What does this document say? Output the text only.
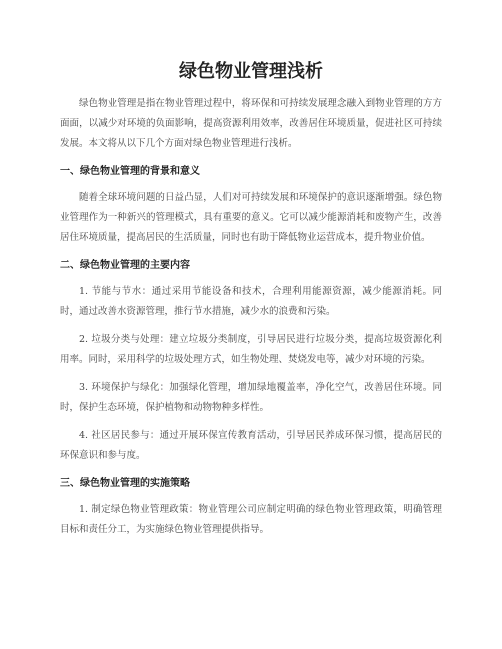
绿色物业管理浅析

绿色物业管理是指在物业管理过程中，将环保和可持续发展理念融入到物业管理的方方面面，以减少对环境的负面影响，提高资源利用效率，改善居住环境质量，促进社区可持续发展。本文将从以下几个方面对绿色物业管理进行浅析。

一、绿色物业管理的背景和意义

随着全球环境问题的日益凸显，人们对可持续发展和环境保护的意识逐渐增强。绿色物业管理作为一种新兴的管理模式，具有重要的意义。它可以减少能源消耗和废物产生，改善居住环境质量，提高居民的生活质量，同时也有助于降低物业运营成本，提升物业价值。

二、绿色物业管理的主要内容

1. 节能与节水：通过采用节能设备和技术，合理利用能源资源，减少能源消耗。同时，通过改善水资源管理，推行节水措施，减少水的浪费和污染。

2. 垃圾分类与处理：建立垃圾分类制度，引导居民进行垃圾分类，提高垃圾资源化利用率。同时，采用科学的垃圾处理方式，如生物处理、焚烧发电等，减少对环境的污染。

3. 环境保护与绿化：加强绿化管理，增加绿地覆盖率，净化空气，改善居住环境。同时，保护生态环境，保护植物和动物物种多样性。

4. 社区居民参与：通过开展环保宣传教育活动，引导居民养成环保习惯，提高居民的环保意识和参与度。

三、绿色物业管理的实施策略

1. 制定绿色物业管理政策：物业管理公司应制定明确的绿色物业管理政策，明确管理目标和责任分工，为实施绿色物业管理提供指导。
